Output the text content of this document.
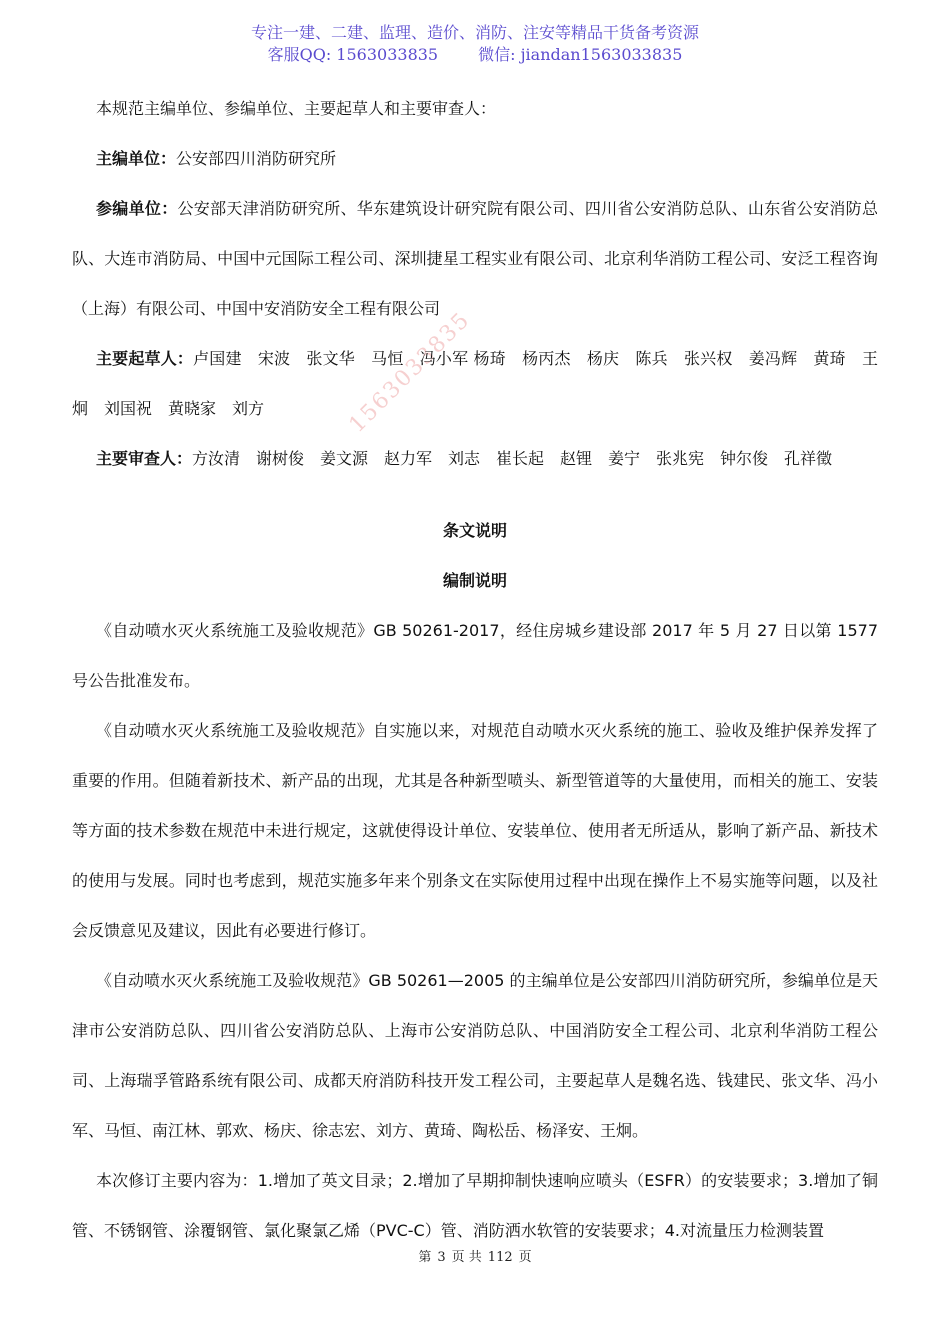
专注一建、二建、监理、造价、消防、注安等精品干货备考资源
客服QQ: 1563033835	微信: jiandan1563033835
1563033835

本规范主编单位、参编单位、主要起草人和主要审查人：

主编单位：公安部四川消防研究所

参编单位：公安部天津消防研究所、华东建筑设计研究院有限公司、四川省公安消防总队、山东省公安消防总队、大连市消防局、中国中元国际工程公司、深圳捷星工程实业有限公司、北京利华消防工程公司、安泛工程咨询（上海）有限公司、中国中安消防安全工程有限公司

主要起草人：卢国建　宋波　张文华　马恒　冯小军 杨琦　杨丙杰　杨庆　陈兵　张兴权　姜冯辉　黄琦　王炯　刘国祝　黄晓家　刘方

主要审查人：方汝清　谢树俊　姜文源　赵力军　刘志　崔长起　赵锂　姜宁　张兆宪　钟尔俊　孔祥徵

条文说明

编制说明

《自动喷水灭火系统施工及验收规范》GB 50261-2017，经住房城乡建设部 2017 年 5 月 27 日以第 1577 号公告批准发布。

《自动喷水灭火系统施工及验收规范》自实施以来，对规范自动喷水灭火系统的施工、验收及维护保养发挥了重要的作用。但随着新技术、新产品的出现，尤其是各种新型喷头、新型管道等的大量使用，而相关的施工、安装等方面的技术参数在规范中未进行规定，这就使得设计单位、安装单位、使用者无所适从，影响了新产品、新技术的使用与发展。同时也考虑到，规范实施多年来个别条文在实际使用过程中出现在操作上不易实施等问题，以及社会反馈意见及建议，因此有必要进行修订。

《自动喷水灭火系统施工及验收规范》GB 50261—2005 的主编单位是公安部四川消防研究所，参编单位是天津市公安消防总队、四川省公安消防总队、上海市公安消防总队、中国消防安全工程公司、北京利华消防工程公司、上海瑞孚管路系统有限公司、成都天府消防科技开发工程公司，主要起草人是魏名选、钱建民、张文华、冯小军、马恒、南江林、郭欢、杨庆、徐志宏、刘方、黄琦、陶松岳、杨泽安、王炯。

本次修订主要内容为：1.增加了英文目录；2.增加了早期抑制快速响应喷头（ESFR）的安装要求；3.增加了铜管、不锈钢管、涂覆钢管、氯化聚氯乙烯（PVC-C）管、消防洒水软管的安装要求；4.对流量压力检测装置

第 3 页 共 112 页
